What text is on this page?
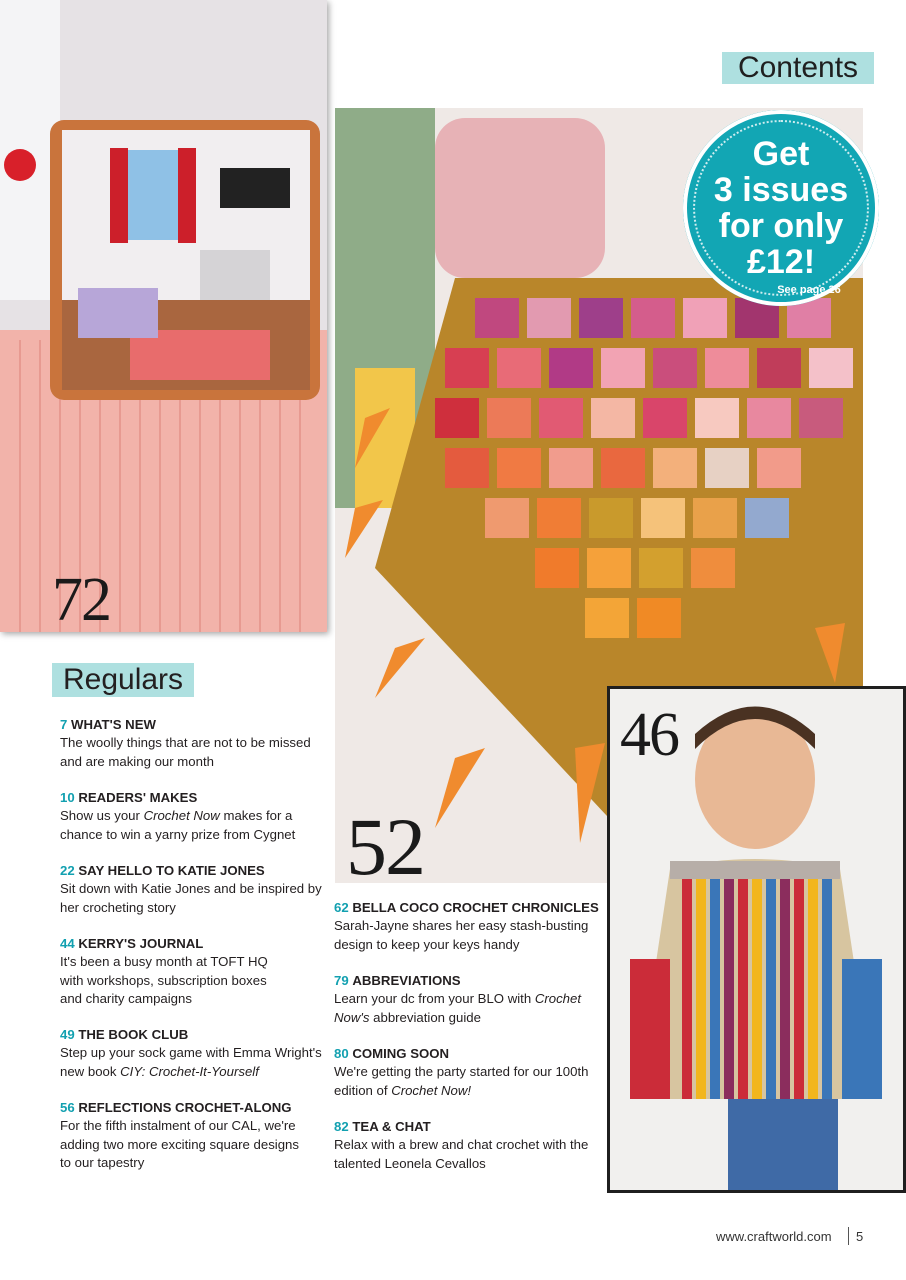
Contents
72
52
Get
3 issues
for only
£12!
See page 26
46
Regulars
7 WHAT'S NEW
The woolly things that are not to be missed and are making our month
10 READERS' MAKES
Show us your Crochet Now makes for a chance to win a yarny prize from Cygnet
22 SAY HELLO TO KATIE JONES
Sit down with Katie Jones and be inspired by her crocheting story
44 KERRY'S JOURNAL
It's been a busy month at TOFT HQ with workshops, subscription boxes and charity campaigns
49 THE BOOK CLUB
Step up your sock game with Emma Wright's new book CIY: Crochet-It-Yourself
56 REFLECTIONS CROCHET-ALONG
For the fifth instalment of our CAL, we're adding two more exciting square designs to our tapestry
62 BELLA COCO CROCHET CHRONICLES
Sarah-Jayne shares her easy stash-busting design to keep your keys handy
79 ABBREVIATIONS
Learn your dc from your BLO with Crochet Now's abbreviation guide
80 COMING SOON
We're getting the party started for our 100th edition of Crochet Now!
82 TEA & CHAT
Relax with a brew and chat crochet with the talented Leonela Cevallos
www.craftworld.com 5
